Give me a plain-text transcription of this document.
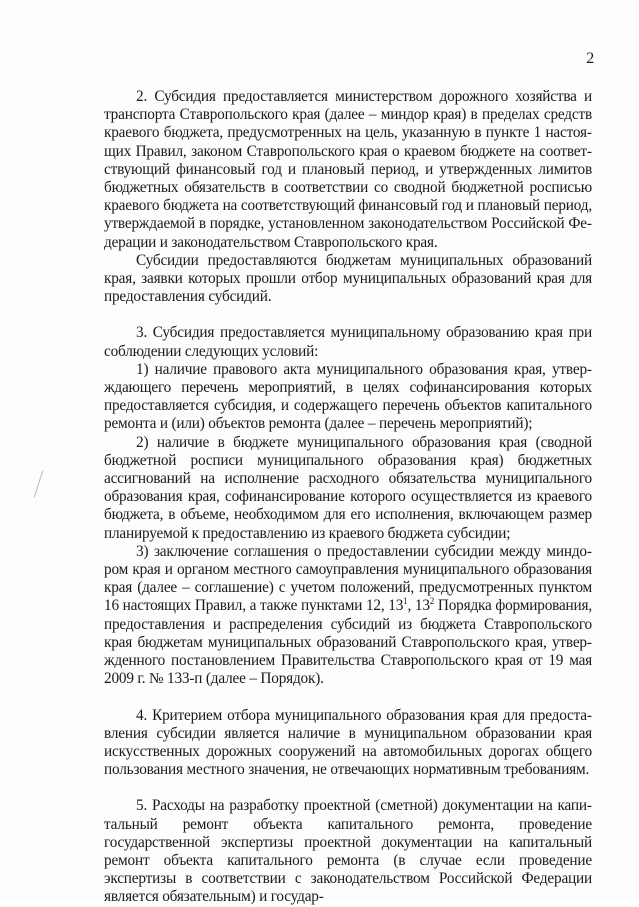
2

2. Субсидия предоставляется министерством дорожного хозяйства и транспорта Ставропольского края (далее – миндор края) в пределах средств краевого бюджета, предусмотренных на цель, указанную в пункте 1 настоящих Правил, законом Ставропольского края о краевом бюджете на соответствующий финансовый год и плановый период, и утвержденных лимитов бюджетных обязательств в соответствии со сводной бюджетной росписью краевого бюджета на соответствующий финансовый год и плановый период, утверждаемой в порядке, установленном законодательством Российской Федерации и законодательством Ставропольского края.

Субсидии предоставляются бюджетам муниципальных образований края, заявки которых прошли отбор муниципальных образований края для предоставления субсидий.

3. Субсидия предоставляется муниципальному образованию края при соблюдении следующих условий:

1) наличие правового акта муниципального образования края, утверждающего перечень мероприятий, в целях софинансирования которых предоставляется субсидия, и содержащего перечень объектов капитального ремонта и (или) объектов ремонта (далее – перечень мероприятий);

2) наличие в бюджете муниципального образования края (сводной бюджетной росписи муниципального образования края) бюджетных ассигнований на исполнение расходного обязательства муниципального образования края, софинансирование которого осуществляется из краевого бюджета, в объеме, необходимом для его исполнения, включающем размер планируемой к предоставлению из краевого бюджета субсидии;

3) заключение соглашения о предоставлении субсидии между миндором края и органом местного самоуправления муниципального образования края (далее – соглашение) с учетом положений, предусмотренных пунктом 16 настоящих Правил, а также пунктами 12, $13^1$, $13^2$ Порядка формирования, предоставления и распределения субсидий из бюджета Ставропольского края бюджетам муниципальных образований Ставропольского края, утвержденного постановлением Правительства Ставропольского края от 19 мая 2009 г. № 133-п (далее – Порядок).

4. Критерием отбора муниципального образования края для предоставления субсидии является наличие в муниципальном образовании края искусственных дорожных сооружений на автомобильных дорогах общего пользования местного значения, не отвечающих нормативным требованиям.

5. Расходы на разработку проектной (сметной) документации на капитальный ремонт объекта капитального ремонта, проведение государственной экспертизы проектной документации на капитальный ремонт объекта капитального ремонта (в случае если проведение экспертизы в соответствии с законодательством Российской Федерации является обязательным) и государ-
